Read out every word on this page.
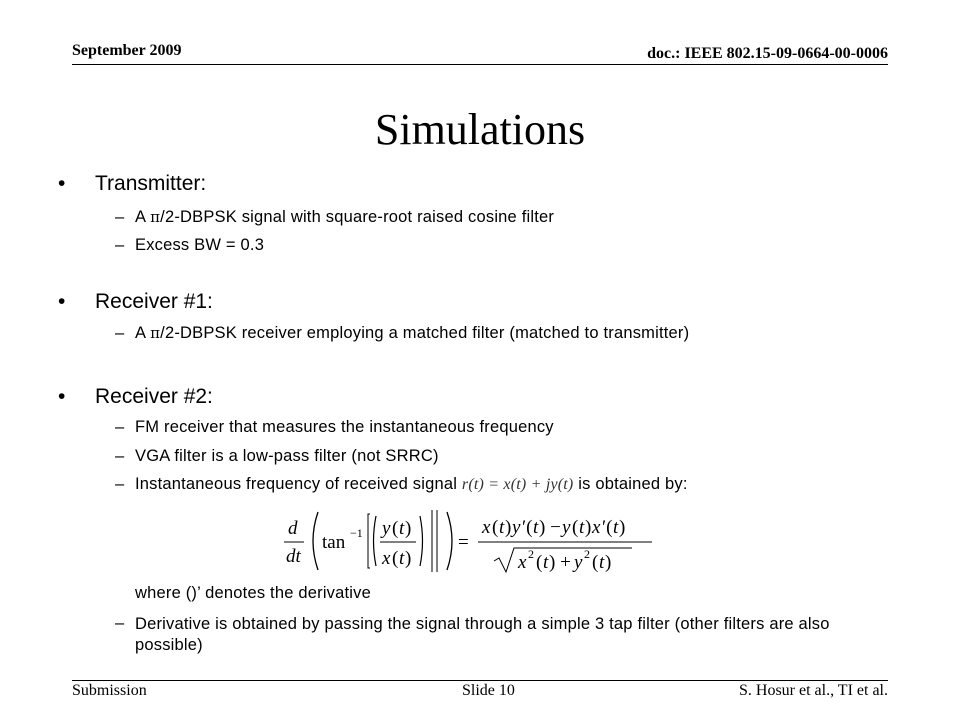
September 2009	doc.: IEEE 802.15-09-0664-00-0006
Simulations
• Transmitter:
– A π/2-DBPSK signal with square-root raised cosine filter
– Excess BW = 0.3
• Receiver #1:
– A π/2-DBPSK receiver employing a matched filter (matched to transmitter)
• Receiver #2:
– FM receiver that measures the instantaneous frequency
– VGA filter is a low-pass filter (not SRRC)
– Instantaneous frequency of received signal r(t) = x(t) + jy(t) is obtained by:
d
dt
tan −1 y ( t )
x ( t )
=
x ( t ) y ′( t ) − y ( t ) x ′( t )
x 2 ( t ) + y 2 ( t )
where ()’ denotes the derivative
– Derivative is obtained by passing the signal through a simple 3 tap filter (other filters are also possible)
Submission	Slide 10	S. Hosur et al., TI et al.
